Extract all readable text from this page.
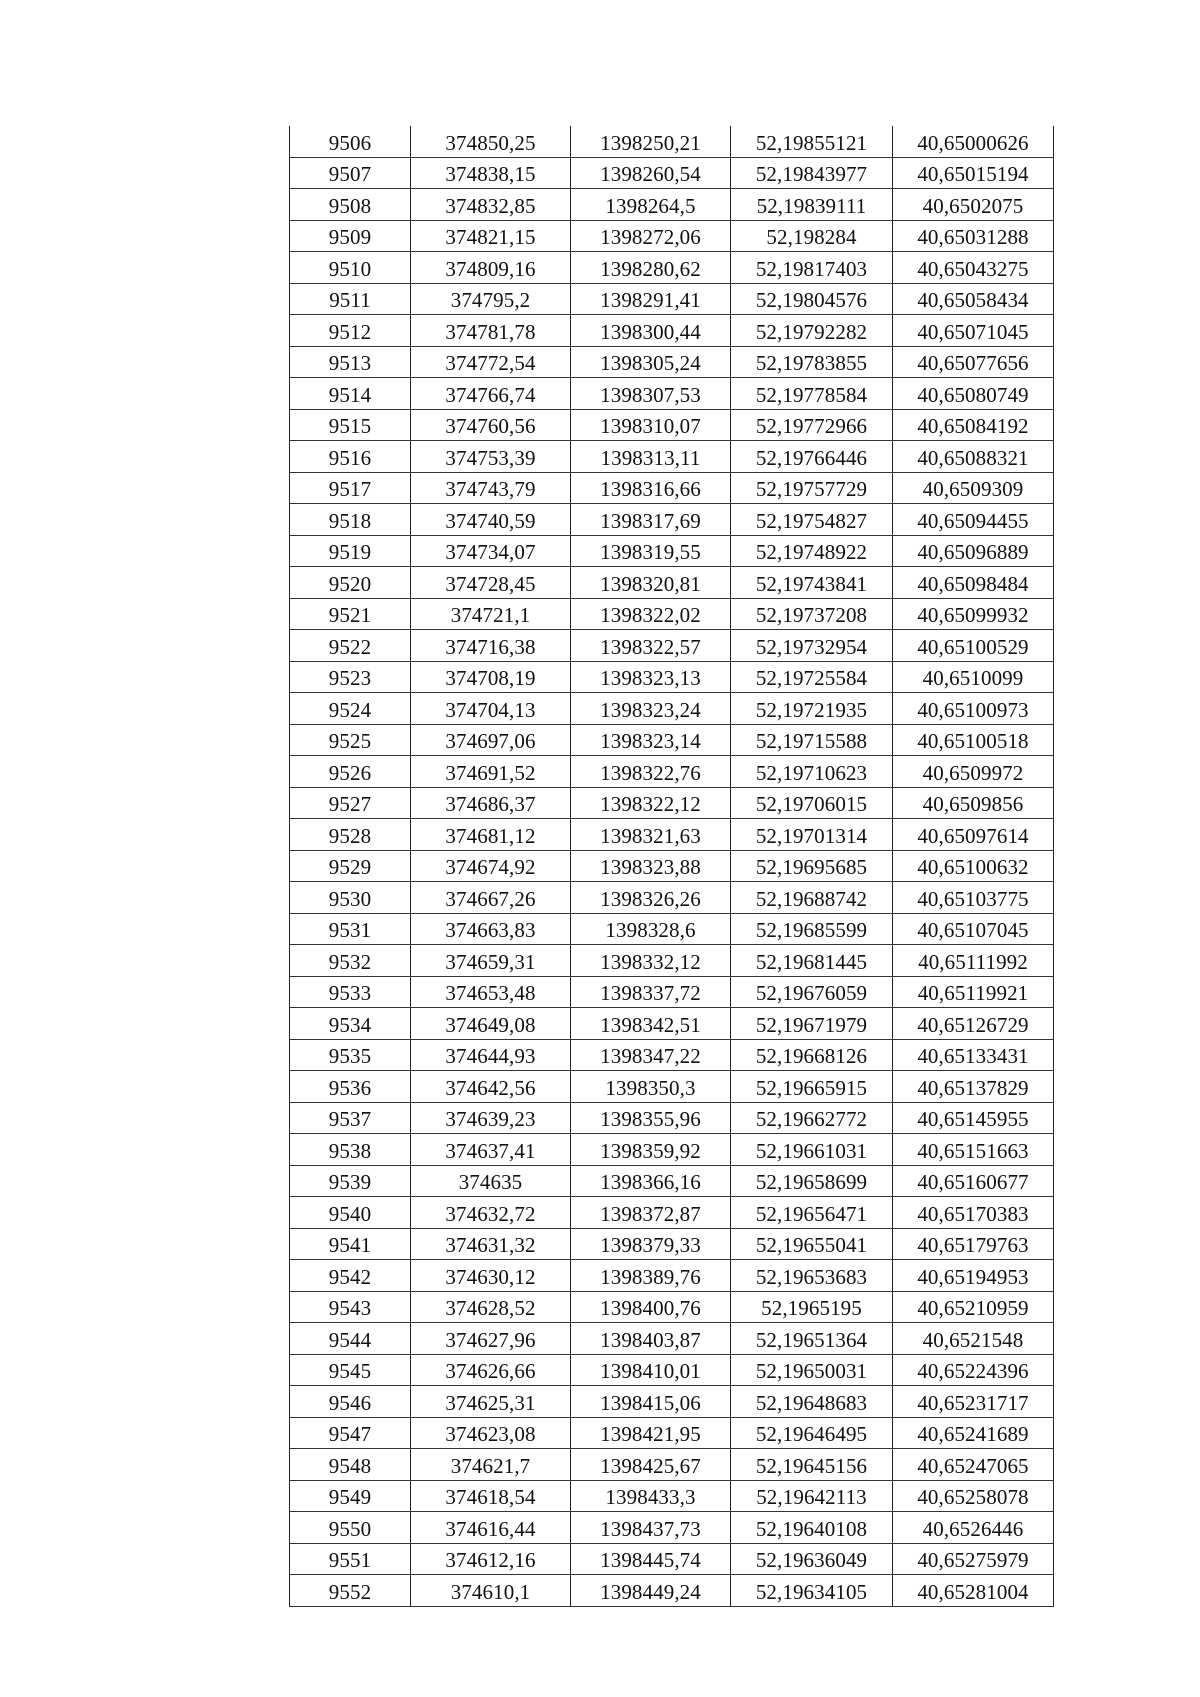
9506	374850,25	1398250,21	52,19855121	40,65000626
9507	374838,15	1398260,54	52,19843977	40,65015194
9508	374832,85	1398264,5	52,19839111	40,6502075
9509	374821,15	1398272,06	52,198284	40,65031288
9510	374809,16	1398280,62	52,19817403	40,65043275
9511	374795,2	1398291,41	52,19804576	40,65058434
9512	374781,78	1398300,44	52,19792282	40,65071045
9513	374772,54	1398305,24	52,19783855	40,65077656
9514	374766,74	1398307,53	52,19778584	40,65080749
9515	374760,56	1398310,07	52,19772966	40,65084192
9516	374753,39	1398313,11	52,19766446	40,65088321
9517	374743,79	1398316,66	52,19757729	40,6509309
9518	374740,59	1398317,69	52,19754827	40,65094455
9519	374734,07	1398319,55	52,19748922	40,65096889
9520	374728,45	1398320,81	52,19743841	40,65098484
9521	374721,1	1398322,02	52,19737208	40,65099932
9522	374716,38	1398322,57	52,19732954	40,65100529
9523	374708,19	1398323,13	52,19725584	40,6510099
9524	374704,13	1398323,24	52,19721935	40,65100973
9525	374697,06	1398323,14	52,19715588	40,65100518
9526	374691,52	1398322,76	52,19710623	40,6509972
9527	374686,37	1398322,12	52,19706015	40,6509856
9528	374681,12	1398321,63	52,19701314	40,65097614
9529	374674,92	1398323,88	52,19695685	40,65100632
9530	374667,26	1398326,26	52,19688742	40,65103775
9531	374663,83	1398328,6	52,19685599	40,65107045
9532	374659,31	1398332,12	52,19681445	40,65111992
9533	374653,48	1398337,72	52,19676059	40,65119921
9534	374649,08	1398342,51	52,19671979	40,65126729
9535	374644,93	1398347,22	52,19668126	40,65133431
9536	374642,56	1398350,3	52,19665915	40,65137829
9537	374639,23	1398355,96	52,19662772	40,65145955
9538	374637,41	1398359,92	52,19661031	40,65151663
9539	374635	1398366,16	52,19658699	40,65160677
9540	374632,72	1398372,87	52,19656471	40,65170383
9541	374631,32	1398379,33	52,19655041	40,65179763
9542	374630,12	1398389,76	52,19653683	40,65194953
9543	374628,52	1398400,76	52,1965195	40,65210959
9544	374627,96	1398403,87	52,19651364	40,6521548
9545	374626,66	1398410,01	52,19650031	40,65224396
9546	374625,31	1398415,06	52,19648683	40,65231717
9547	374623,08	1398421,95	52,19646495	40,65241689
9548	374621,7	1398425,67	52,19645156	40,65247065
9549	374618,54	1398433,3	52,19642113	40,65258078
9550	374616,44	1398437,73	52,19640108	40,6526446
9551	374612,16	1398445,74	52,19636049	40,65275979
9552	374610,1	1398449,24	52,19634105	40,65281004
